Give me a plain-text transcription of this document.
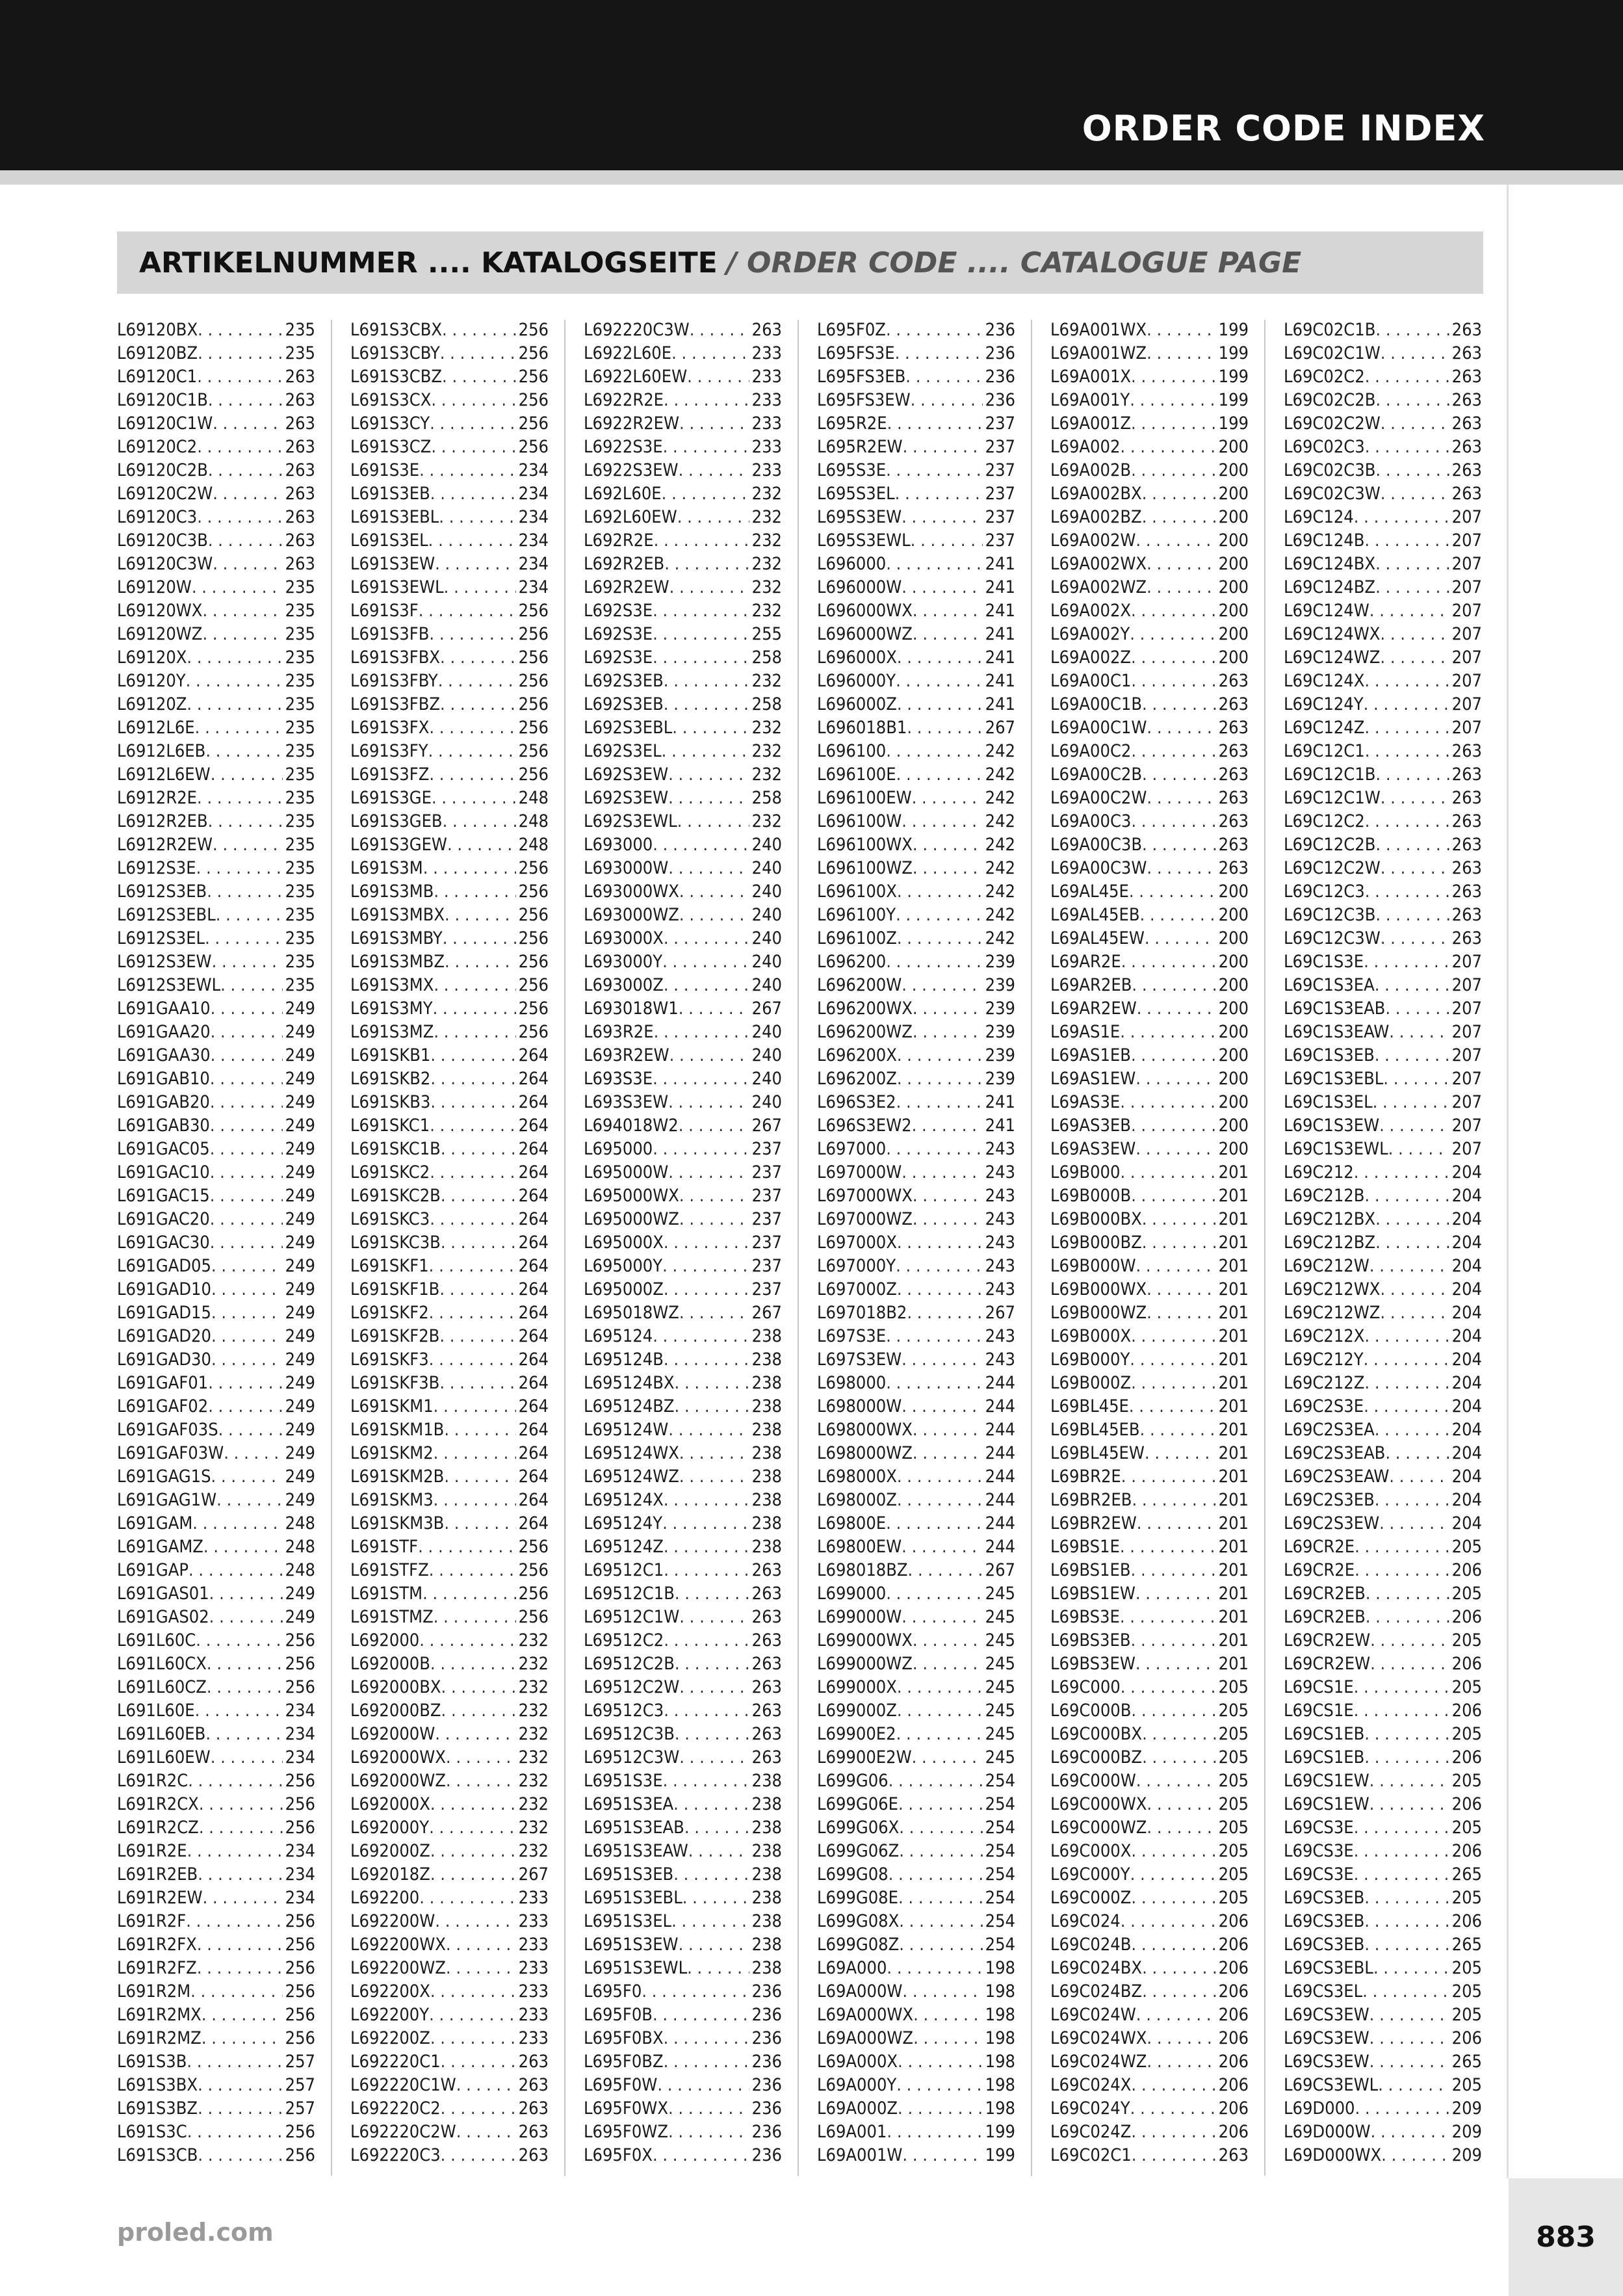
ORDER CODE INDEX
ARTIKELNUMMER .... KATALOGSEITE / ORDER CODE .... CATALOGUE PAGE
L69120BX . . .	235
L69120BZ . . .	235
L69120C1 . . .	263
L69120C1B . . .	263
L69120C1W . . .	263
L69120C2 . . .	263
L69120C2B . . .	263
L69120C2W . . .	263
L69120C3 . . .	263
L69120C3B . . .	263
L69120C3W . . .	263
L69120W . . .	235
L69120WX . . .	235
L69120WZ . . .	235
L69120X . . .	235
L69120Y . . .	235
L69120Z . . .	235
L6912L6E . . .	235
L6912L6EB . . .	235
L6912L6EW . . .	235
L6912R2E . . .	235
L6912R2EB . . .	235
L6912R2EW . . .	235
L6912S3E . . .	235
L6912S3EB . . .	235
L6912S3EBL . . .	235
L6912S3EL . . .	235
L6912S3EW . . .	235
L6912S3EWL . . .	235
L691GAA10 . . .	249
L691GAA20 . . .	249
L691GAA30 . . .	249
L691GAB10 . . .	249
L691GAB20 . . .	249
L691GAB30 . . .	249
L691GAC05 . . .	249
L691GAC10 . . .	249
L691GAC15 . . .	249
L691GAC20 . . .	249
L691GAC30 . . .	249
L691GAD05 . . .	249
L691GAD10 . . .	249
L691GAD15 . . .	249
L691GAD20 . . .	249
L691GAD30 . . .	249
L691GAF01 . . .	249
L691GAF02 . . .	249
L691GAF03S . . .	249
L691GAF03W . . .	249
L691GAG1S . . .	249
L691GAG1W . . .	249
L691GAM . . .	248
L691GAMZ . . .	248
L691GAP . . .	248
L691GAS01 . . .	249
L691GAS02 . . .	249
L691L60C . . .	256
L691L60CX . . .	256
L691L60CZ . . .	256
L691L60E . . .	234
L691L60EB . . .	234
L691L60EW . . .	234
L691R2C . . .	256
L691R2CX . . .	256
L691R2CZ . . .	256
L691R2E . . .	234
L691R2EB . . .	234
L691R2EW . . .	234
L691R2F . . .	256
L691R2FX . . .	256
L691R2FZ . . .	256
L691R2M . . .	256
L691R2MX . . .	256
L691R2MZ . . .	256
L691S3B . . .	257
L691S3BX . . .	257
L691S3BZ . . .	257
L691S3C . . .	256
L691S3CB . . .	256
L691S3CBX . . .	256
L691S3CBY . . .	256
L691S3CBZ . . .	256
L691S3CX . . .	256
L691S3CY . . .	256
L691S3CZ . . .	256
L691S3E . . .	234
L691S3EB . . .	234
L691S3EBL . . .	234
L691S3EL . . .	234
L691S3EW . . .	234
L691S3EWL . . .	234
L691S3F . . .	256
L691S3FB . . .	256
L691S3FBX . . .	256
L691S3FBY . . .	256
L691S3FBZ . . .	256
L691S3FX . . .	256
L691S3FY . . .	256
L691S3FZ . . .	256
L691S3GE . . .	248
L691S3GEB . . .	248
L691S3GEW . . .	248
L691S3M . . .	256
L691S3MB . . .	256
L691S3MBX . . .	256
L691S3MBY . . .	256
L691S3MBZ . . .	256
L691S3MX . . .	256
L691S3MY . . .	256
L691S3MZ . . .	256
L691SKB1 . . .	264
L691SKB2 . . .	264
L691SKB3 . . .	264
L691SKC1 . . .	264
L691SKC1B . . .	264
L691SKC2 . . .	264
L691SKC2B . . .	264
L691SKC3 . . .	264
L691SKC3B . . .	264
L691SKF1 . . .	264
L691SKF1B . . .	264
L691SKF2 . . .	264
L691SKF2B . . .	264
L691SKF3 . . .	264
L691SKF3B . . .	264
L691SKM1 . . .	264
L691SKM1B . . .	264
L691SKM2 . . .	264
L691SKM2B . . .	264
L691SKM3 . . .	264
L691SKM3B . . .	264
L691STF . . .	256
L691STFZ . . .	256
L691STM . . .	256
L691STMZ . . .	256
L692000 . . .	232
L692000B . . .	232
L692000BX . . .	232
L692000BZ . . .	232
L692000W . . .	232
L692000WX . . .	232
L692000WZ . . .	232
L692000X . . .	232
L692000Y . . .	232
L692000Z . . .	232
L692018Z . . .	267
L692200 . . .	233
L692200W . . .	233
L692200WX . . .	233
L692200WZ . . .	233
L692200X . . .	233
L692200Y . . .	233
L692200Z . . .	233
L692220C1 . . .	263
L692220C1W . . .	263
L692220C2 . . .	263
L692220C2W . . .	263
L692220C3 . . .	263
L692220C3W . . .	263
L6922L60E . . .	233
L6922L60EW . . .	233
L6922R2E . . .	233
L6922R2EW . . .	233
L6922S3E . . .	233
L6922S3EW . . .	233
L692L60E . . .	232
L692L60EW . . .	232
L692R2E . . .	232
L692R2EB . . .	232
L692R2EW . . .	232
L692S3E . . .	232
L692S3E . . .	255
L692S3E . . .	258
L692S3EB . . .	232
L692S3EB . . .	258
L692S3EBL . . .	232
L692S3EL . . .	232
L692S3EW . . .	232
L692S3EW . . .	258
L692S3EWL . . .	232
L693000 . . .	240
L693000W . . .	240
L693000WX . . .	240
L693000WZ . . .	240
L693000X . . .	240
L693000Y . . .	240
L693000Z . . .	240
L693018W1 . . .	267
L693R2E . . .	240
L693R2EW . . .	240
L693S3E . . .	240
L693S3EW . . .	240
L694018W2 . . .	267
L695000 . . .	237
L695000W . . .	237
L695000WX . . .	237
L695000WZ . . .	237
L695000X . . .	237
L695000Y . . .	237
L695000Z . . .	237
L695018WZ . . .	267
L695124 . . .	238
L695124B . . .	238
L695124BX . . .	238
L695124BZ . . .	238
L695124W . . .	238
L695124WX . . .	238
L695124WZ . . .	238
L695124X . . .	238
L695124Y . . .	238
L695124Z . . .	238
L69512C1 . . .	263
L69512C1B . . .	263
L69512C1W . . .	263
L69512C2 . . .	263
L69512C2B . . .	263
L69512C2W . . .	263
L69512C3 . . .	263
L69512C3B . . .	263
L69512C3W . . .	263
L6951S3E . . .	238
L6951S3EA . . .	238
L6951S3EAB . . .	238
L6951S3EAW . . .	238
L6951S3EB . . .	238
L6951S3EBL . . .	238
L6951S3EL . . .	238
L6951S3EW . . .	238
L6951S3EWL . . .	238
L695F0 . . .	236
L695F0B . . .	236
L695F0BX . . .	236
L695F0BZ . . .	236
L695F0W . . .	236
L695F0WX . . .	236
L695F0WZ . . .	236
L695F0X . . .	236
L695F0Z . . .	236
L695FS3E . . .	236
L695FS3EB . . .	236
L695FS3EW . . .	236
L695R2E . . .	237
L695R2EW . . .	237
L695S3E . . .	237
L695S3EL . . .	237
L695S3EW . . .	237
L695S3EWL . . .	237
L696000 . . .	241
L696000W . . .	241
L696000WX . . .	241
L696000WZ . . .	241
L696000X . . .	241
L696000Y . . .	241
L696000Z . . .	241
L696018B1 . . .	267
L696100 . . .	242
L696100E . . .	242
L696100EW . . .	242
L696100W . . .	242
L696100WX . . .	242
L696100WZ . . .	242
L696100X . . .	242
L696100Y . . .	242
L696100Z . . .	242
L696200 . . .	239
L696200W . . .	239
L696200WX . . .	239
L696200WZ . . .	239
L696200X . . .	239
L696200Z . . .	239
L696S3E2 . . .	241
L696S3EW2 . . .	241
L697000 . . .	243
L697000W . . .	243
L697000WX . . .	243
L697000WZ . . .	243
L697000X . . .	243
L697000Y . . .	243
L697000Z . . .	243
L697018B2 . . .	267
L697S3E . . .	243
L697S3EW . . .	243
L698000 . . .	244
L698000W . . .	244
L698000WX . . .	244
L698000WZ . . .	244
L698000X . . .	244
L698000Z . . .	244
L69800E . . .	244
L69800EW . . .	244
L698018BZ . . .	267
L699000 . . .	245
L699000W . . .	245
L699000WX . . .	245
L699000WZ . . .	245
L699000X . . .	245
L699000Z . . .	245
L69900E2 . . .	245
L69900E2W . . .	245
L699G06 . . .	254
L699G06E . . .	254
L699G06X . . .	254
L699G06Z . . .	254
L699G08 . . .	254
L699G08E . . .	254
L699G08X . . .	254
L699G08Z . . .	254
L69A000 . . .	198
L69A000W . . .	198
L69A000WX . . .	198
L69A000WZ . . .	198
L69A000X . . .	198
L69A000Y . . .	198
L69A000Z . . .	198
L69A001 . . .	199
L69A001W . . .	199
L69A001WX . . .	199
L69A001WZ . . .	199
L69A001X . . .	199
L69A001Y . . .	199
L69A001Z . . .	199
L69A002 . . .	200
L69A002B . . .	200
L69A002BX . . .	200
L69A002BZ . . .	200
L69A002W . . .	200
L69A002WX . . .	200
L69A002WZ . . .	200
L69A002X . . .	200
L69A002Y . . .	200
L69A002Z . . .	200
L69A00C1 . . .	263
L69A00C1B . . .	263
L69A00C1W . . .	263
L69A00C2 . . .	263
L69A00C2B . . .	263
L69A00C2W . . .	263
L69A00C3 . . .	263
L69A00C3B . . .	263
L69A00C3W . . .	263
L69AL45E . . .	200
L69AL45EB . . .	200
L69AL45EW . . .	200
L69AR2E . . .	200
L69AR2EB . . .	200
L69AR2EW . . .	200
L69AS1E . . .	200
L69AS1EB . . .	200
L69AS1EW . . .	200
L69AS3E . . .	200
L69AS3EB . . .	200
L69AS3EW . . .	200
L69B000 . . .	201
L69B000B . . .	201
L69B000BX . . .	201
L69B000BZ . . .	201
L69B000W . . .	201
L69B000WX . . .	201
L69B000WZ . . .	201
L69B000X . . .	201
L69B000Y . . .	201
L69B000Z . . .	201
L69BL45E . . .	201
L69BL45EB . . .	201
L69BL45EW . . .	201
L69BR2E . . .	201
L69BR2EB . . .	201
L69BR2EW . . .	201
L69BS1E . . .	201
L69BS1EB . . .	201
L69BS1EW . . .	201
L69BS3E . . .	201
L69BS3EB . . .	201
L69BS3EW . . .	201
L69C000 . . .	205
L69C000B . . .	205
L69C000BX . . .	205
L69C000BZ . . .	205
L69C000W . . .	205
L69C000WX . . .	205
L69C000WZ . . .	205
L69C000X . . .	205
L69C000Y . . .	205
L69C000Z . . .	205
L69C024 . . .	206
L69C024B . . .	206
L69C024BX . . .	206
L69C024BZ . . .	206
L69C024W . . .	206
L69C024WX . . .	206
L69C024WZ . . .	206
L69C024X . . .	206
L69C024Y . . .	206
L69C024Z . . .	206
L69C02C1 . . .	263
L69C02C1B . . .	263
L69C02C1W . . .	263
L69C02C2 . . .	263
L69C02C2B . . .	263
L69C02C2W . . .	263
L69C02C3 . . .	263
L69C02C3B . . .	263
L69C02C3W . . .	263
L69C124 . . .	207
L69C124B . . .	207
L69C124BX . . .	207
L69C124BZ . . .	207
L69C124W . . .	207
L69C124WX . . .	207
L69C124WZ . . .	207
L69C124X . . .	207
L69C124Y . . .	207
L69C124Z . . .	207
L69C12C1 . . .	263
L69C12C1B . . .	263
L69C12C1W . . .	263
L69C12C2 . . .	263
L69C12C2B . . .	263
L69C12C2W . . .	263
L69C12C3 . . .	263
L69C12C3B . . .	263
L69C12C3W . . .	263
L69C1S3E . . .	207
L69C1S3EA . . .	207
L69C1S3EAB . . .	207
L69C1S3EAW . . .	207
L69C1S3EB . . .	207
L69C1S3EBL . . .	207
L69C1S3EL . . .	207
L69C1S3EW . . .	207
L69C1S3EWL . . .	207
L69C212 . . .	204
L69C212B . . .	204
L69C212BX . . .	204
L69C212BZ . . .	204
L69C212W . . .	204
L69C212WX . . .	204
L69C212WZ . . .	204
L69C212X . . .	204
L69C212Y . . .	204
L69C212Z . . .	204
L69C2S3E . . .	204
L69C2S3EA . . .	204
L69C2S3EAB . . .	204
L69C2S3EAW . . .	204
L69C2S3EB . . .	204
L69C2S3EW . . .	204
L69CR2E . . .	205
L69CR2E . . .	206
L69CR2EB . . .	205
L69CR2EB . . .	206
L69CR2EW . . .	205
L69CR2EW . . .	206
L69CS1E . . .	205
L69CS1E . . .	206
L69CS1EB . . .	205
L69CS1EB . . .	206
L69CS1EW . . .	205
L69CS1EW . . .	206
L69CS3E . . .	205
L69CS3E . . .	206
L69CS3E . . .	265
L69CS3EB . . .	205
L69CS3EB . . .	206
L69CS3EB . . .	265
L69CS3EBL . . .	205
L69CS3EL . . .	205
L69CS3EW . . .	205
L69CS3EW . . .	206
L69CS3EW . . .	265
L69CS3EWL . . .	205
L69D000 . . .	209
L69D000W . . .	209
L69D000WX . . .	209
proled.com	883
